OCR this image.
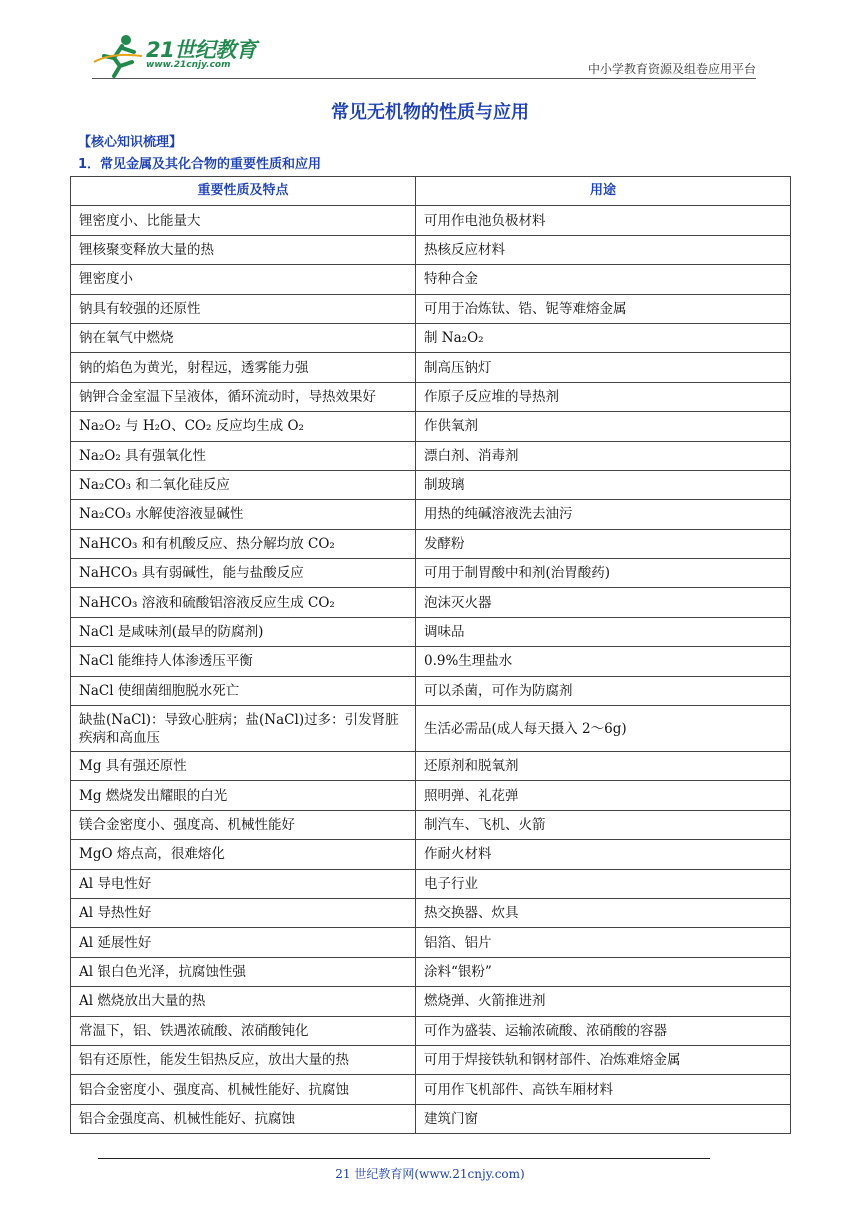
21世纪教育
www.21cnjy.com	中小学教育资源及组卷应用平台
常见无机物的性质与应用
【核心知识梳理】
1．常见金属及其化合物的重要性质和应用
重要性质及特点	用途
锂密度小、比能量大	可用作电池负极材料
锂核聚变释放大量的热	热核反应材料
锂密度小	特种合金
钠具有较强的还原性	可用于冶炼钛、锆、铌等难熔金属
钠在氧气中燃烧	制 Na₂O₂
钠的焰色为黄光，射程远，透雾能力强	制高压钠灯
钠钾合金室温下呈液体，循环流动时，导热效果好	作原子反应堆的导热剂
Na₂O₂ 与 H₂O、CO₂ 反应均生成 O₂	作供氧剂
Na₂O₂ 具有强氧化性	漂白剂、消毒剂
Na₂CO₃ 和二氧化硅反应	制玻璃
Na₂CO₃ 水解使溶液显碱性	用热的纯碱溶液洗去油污
NaHCO₃ 和有机酸反应、热分解均放 CO₂	发酵粉
NaHCO₃ 具有弱碱性，能与盐酸反应	可用于制胃酸中和剂(治胃酸药)
NaHCO₃ 溶液和硫酸铝溶液反应生成 CO₂	泡沫灭火器
NaCl 是咸味剂(最早的防腐剂)	调味品
NaCl 能维持人体渗透压平衡	0.9%生理盐水
NaCl 使细菌细胞脱水死亡	可以杀菌，可作为防腐剂
缺盐(NaCl)：导致心脏病；盐(NaCl)过多：引发肾脏疾病和高血压	生活必需品(成人每天摄入 2～6g)
Mg 具有强还原性	还原剂和脱氧剂
Mg 燃烧发出耀眼的白光	照明弹、礼花弹
镁合金密度小、强度高、机械性能好	制汽车、飞机、火箭
MgO 熔点高，很难熔化	作耐火材料
Al 导电性好	电子行业
Al 导热性好	热交换器、炊具
Al 延展性好	铝箔、铝片
Al 银白色光泽，抗腐蚀性强	涂料“银粉”
Al 燃烧放出大量的热	燃烧弹、火箭推进剂
常温下，铝、铁遇浓硫酸、浓硝酸钝化	可作为盛装、运输浓硫酸、浓硝酸的容器
铝有还原性，能发生铝热反应，放出大量的热	可用于焊接铁轨和钢材部件、冶炼难熔金属
铝合金密度小、强度高、机械性能好、抗腐蚀	可用作飞机部件、高铁车厢材料
铝合金强度高、机械性能好、抗腐蚀	建筑门窗
21 世纪教育网(www.21cnjy.com)
